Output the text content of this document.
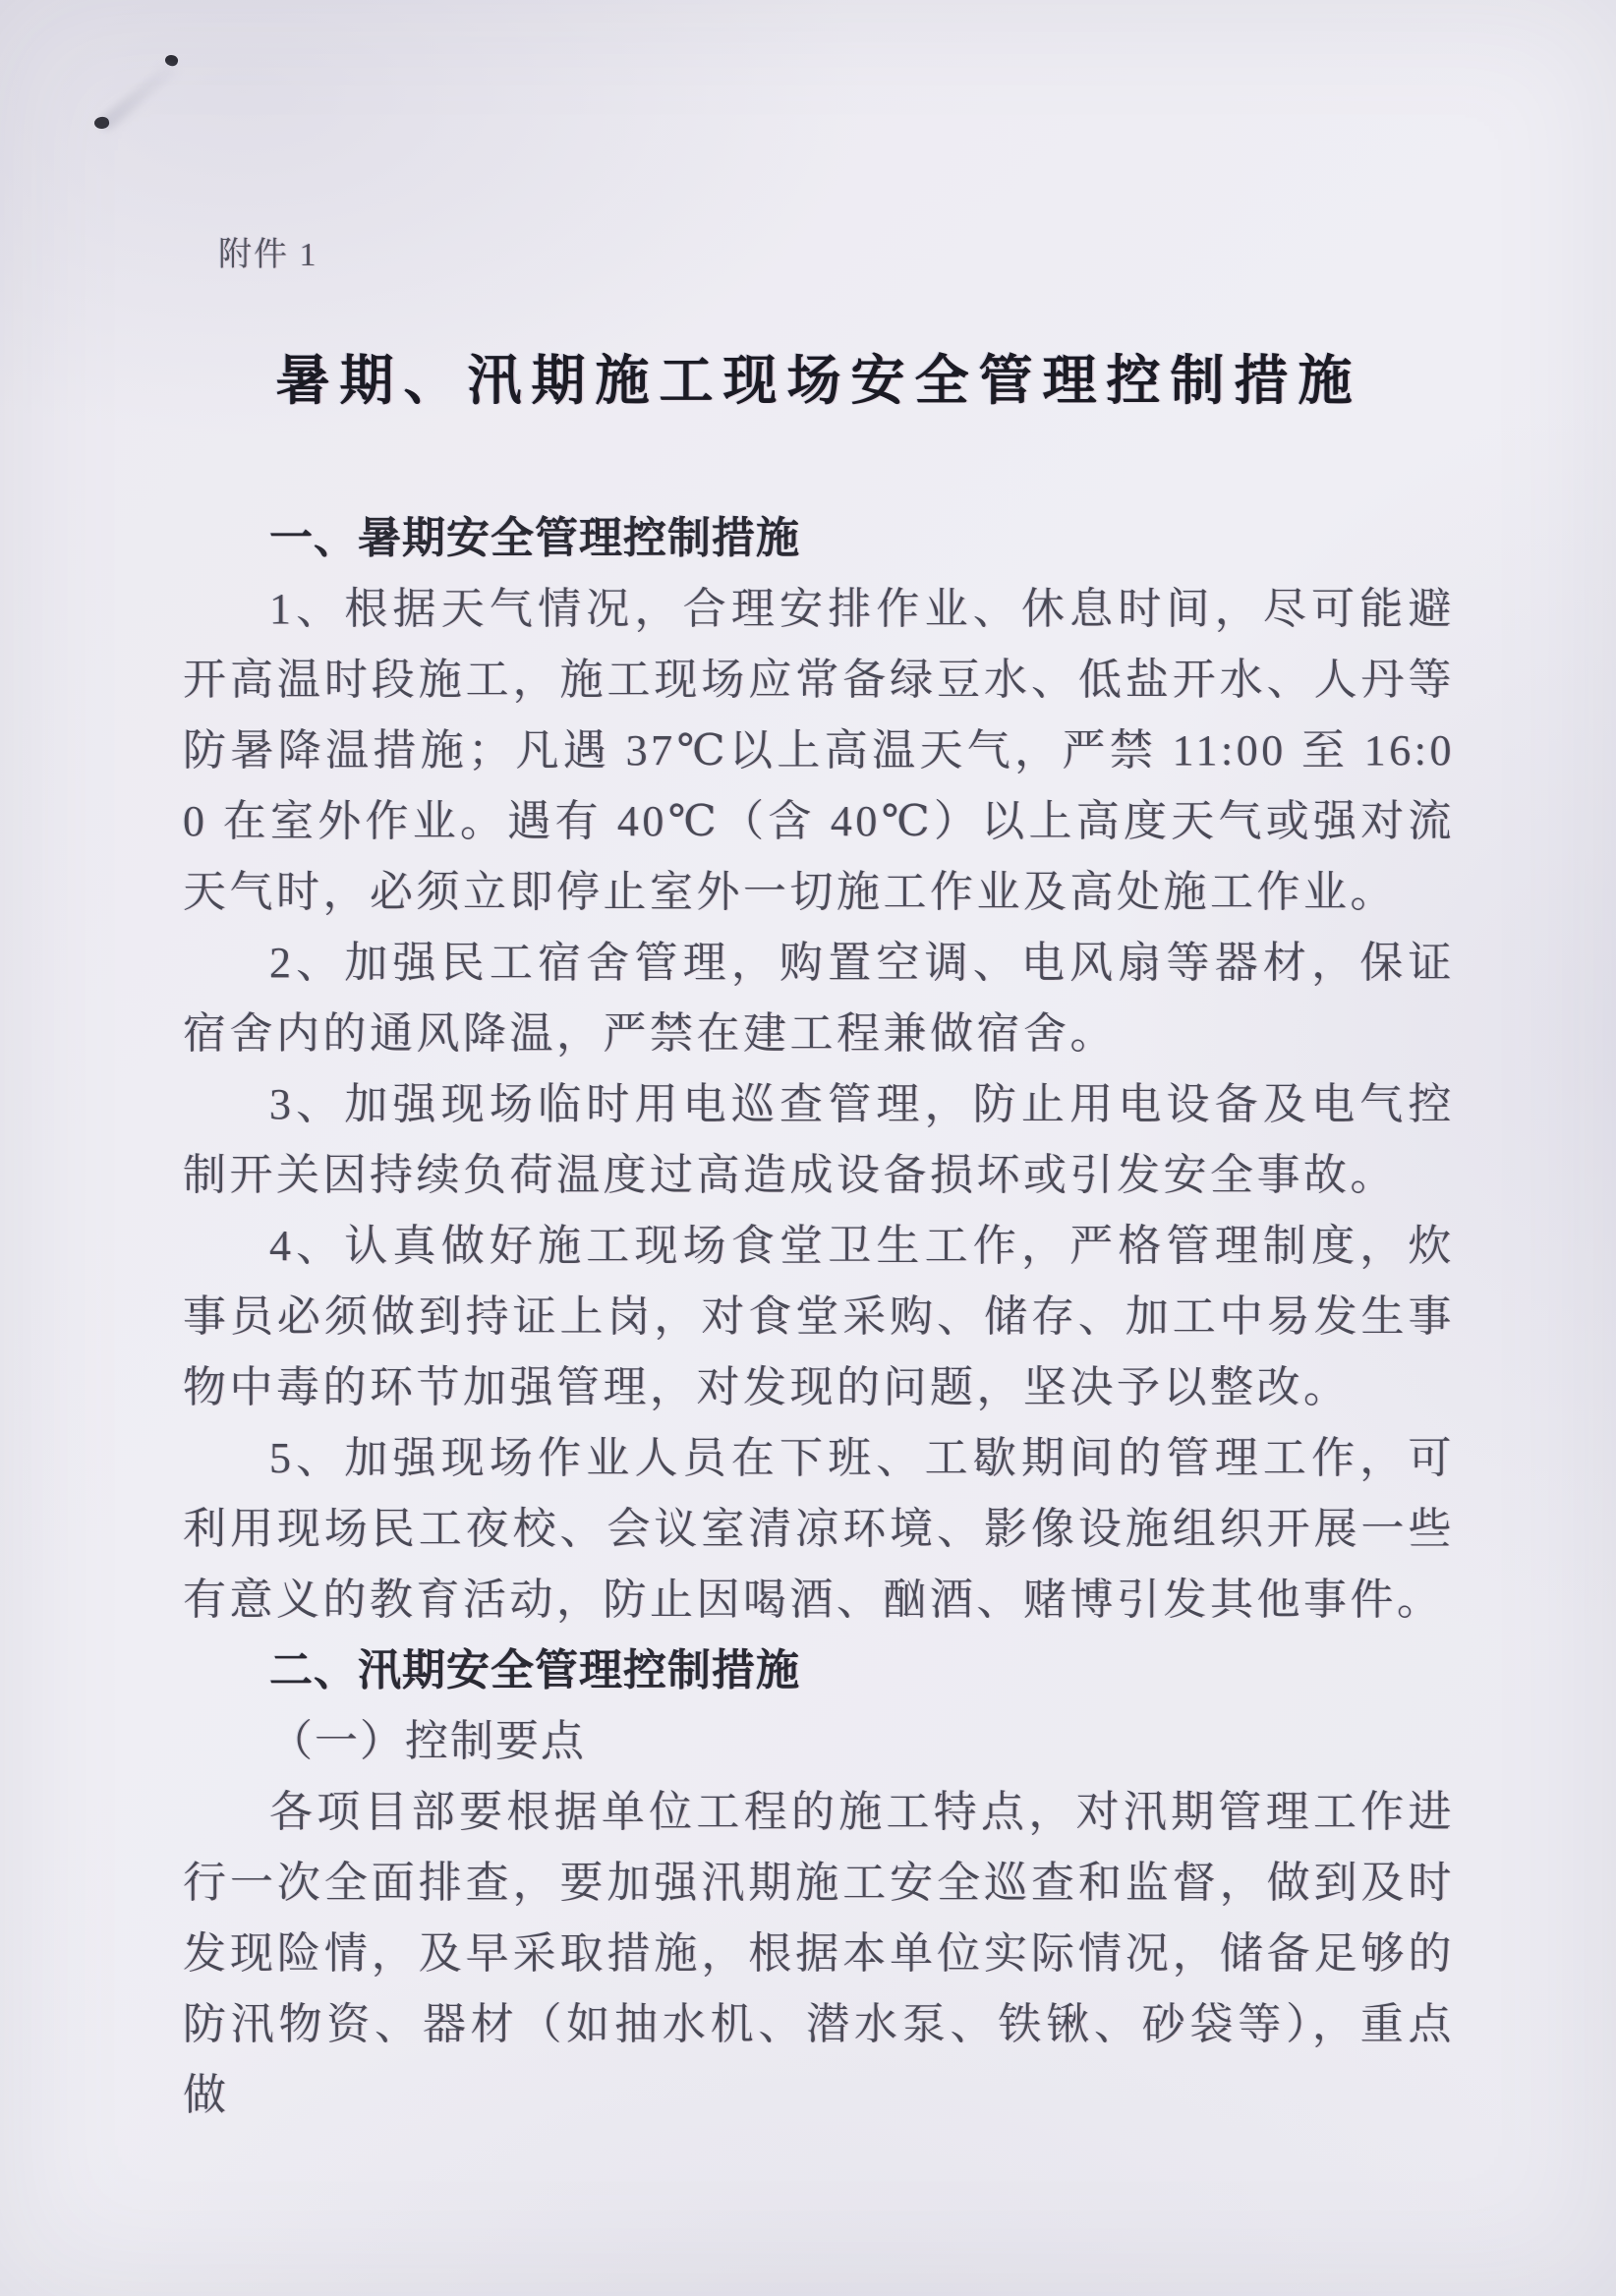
附件 1
暑期、汛期施工现场安全管理控制措施
一、暑期安全管理控制措施

1、根据天气情况，合理安排作业、休息时间，尽可能避开高温时段施工，施工现场应常备绿豆水、低盐开水、人丹等防暑降温措施；凡遇 37℃以上高温天气，严禁 11:00 至 16:00 在室外作业。遇有 40℃（含 40℃）以上高度天气或强对流天气时，必须立即停止室外一切施工作业及高处施工作业。

2、加强民工宿舍管理，购置空调、电风扇等器材，保证宿舍内的通风降温，严禁在建工程兼做宿舍。

3、加强现场临时用电巡查管理，防止用电设备及电气控制开关因持续负荷温度过高造成设备损坏或引发安全事故。

4、认真做好施工现场食堂卫生工作，严格管理制度，炊事员必须做到持证上岗，对食堂采购、储存、加工中易发生事物中毒的环节加强管理，对发现的问题，坚决予以整改。

5、加强现场作业人员在下班、工歇期间的管理工作，可利用现场民工夜校、会议室清凉环境、影像设施组织开展一些有意义的教育活动，防止因喝酒、酗酒、赌博引发其他事件。

二、汛期安全管理控制措施
（一）控制要点

各项目部要根据单位工程的施工特点，对汛期管理工作进行一次全面排查，要加强汛期施工安全巡查和监督，做到及时发现险情，及早采取措施，根据本单位实际情况，储备足够的防汛物资、器材（如抽水机、潜水泵、铁锹、砂袋等），重点做
